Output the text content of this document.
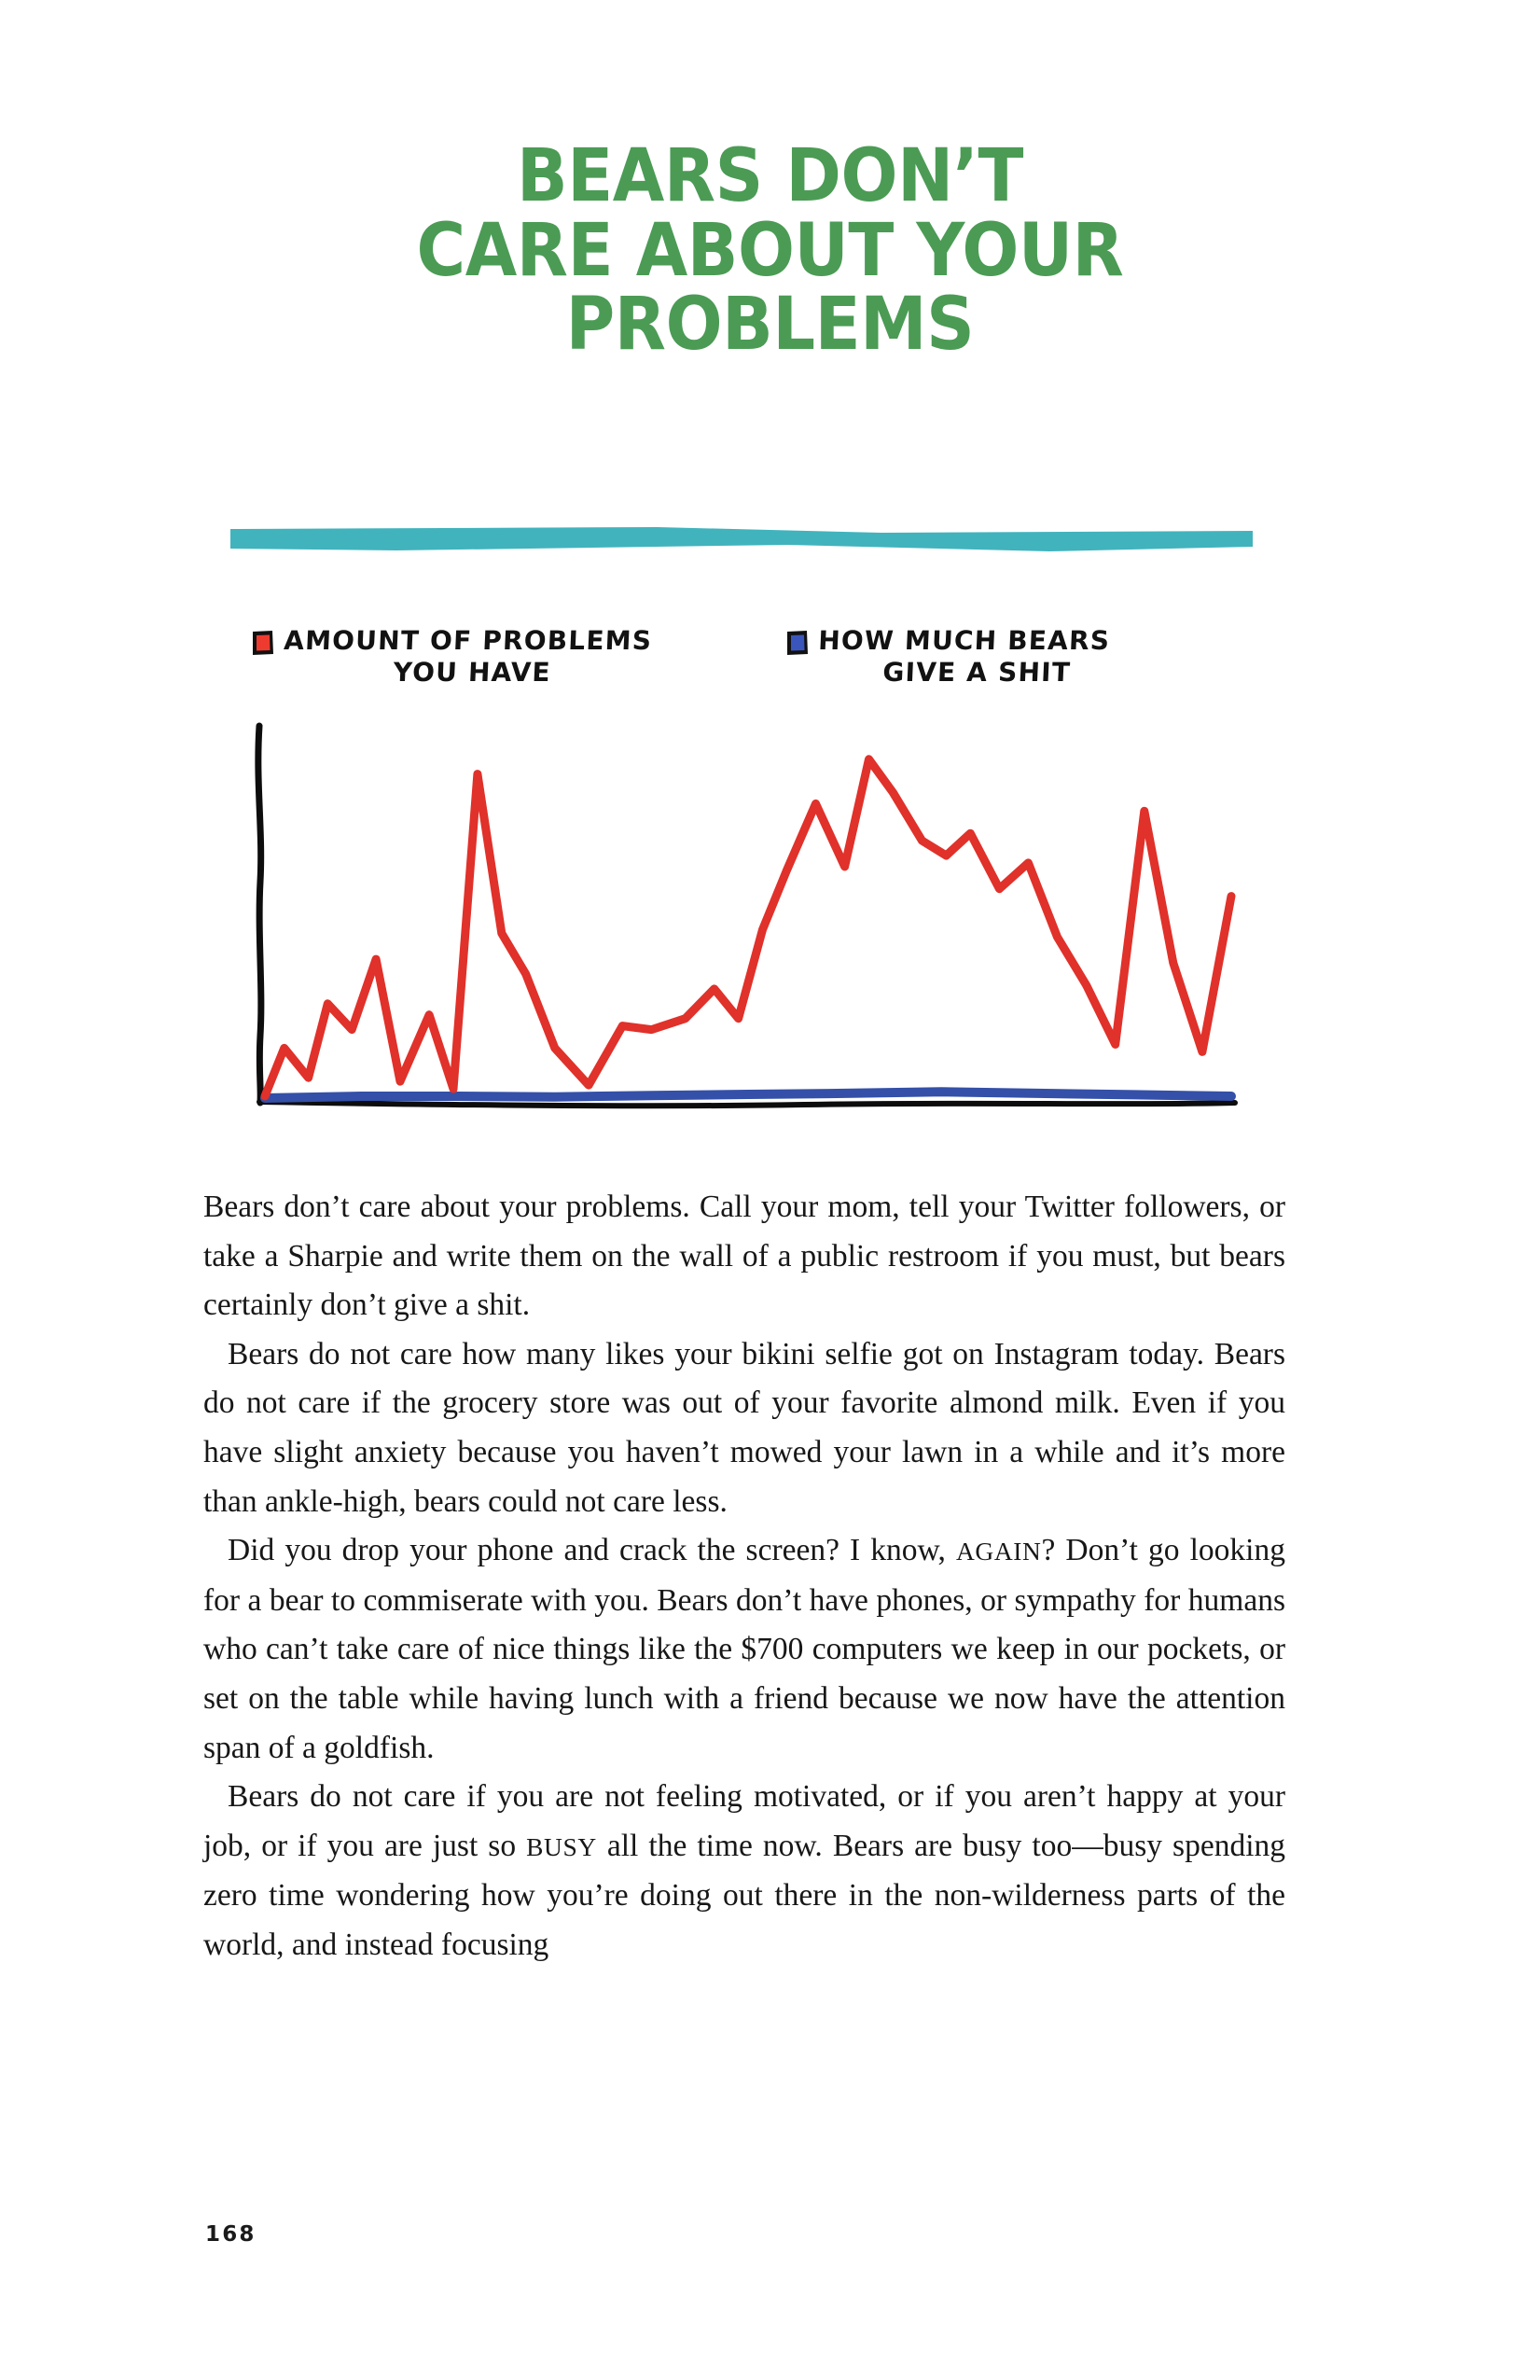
BEARS DON’T
CARE ABOUT YOUR
PROBLEMS
AMOUNT OF PROBLEMS
YOU HAVE
HOW MUCH BEARS
GIVE A SHIT

Bears don’t care about your problems. Call your mom, tell your Twitter followers, or take a Sharpie and write them on the wall of a public restroom if you must, but bears certainly don’t give a shit.

Bears do not care how many likes your bikini selfie got on Instagram today. Bears do not care if the grocery store was out of your favorite almond milk. Even if you have slight anxiety because you haven’t mowed your lawn in a while and it’s more than ankle-high, bears could not care less.

Did you drop your phone and crack the screen? I know, AGAIN? Don’t go looking for a bear to commiserate with you. Bears don’t have phones, or sympathy for humans who can’t take care of nice things like the $700 computers we keep in our pockets, or set on the table while having lunch with a friend because we now have the attention span of a goldfish.

Bears do not care if you are not feeling motivated, or if you aren’t happy at your job, or if you are just so BUSY all the time now. Bears are busy too—busy spending zero time wondering how you’re doing out there in the non-wilderness parts of the world, and instead focusing

168
